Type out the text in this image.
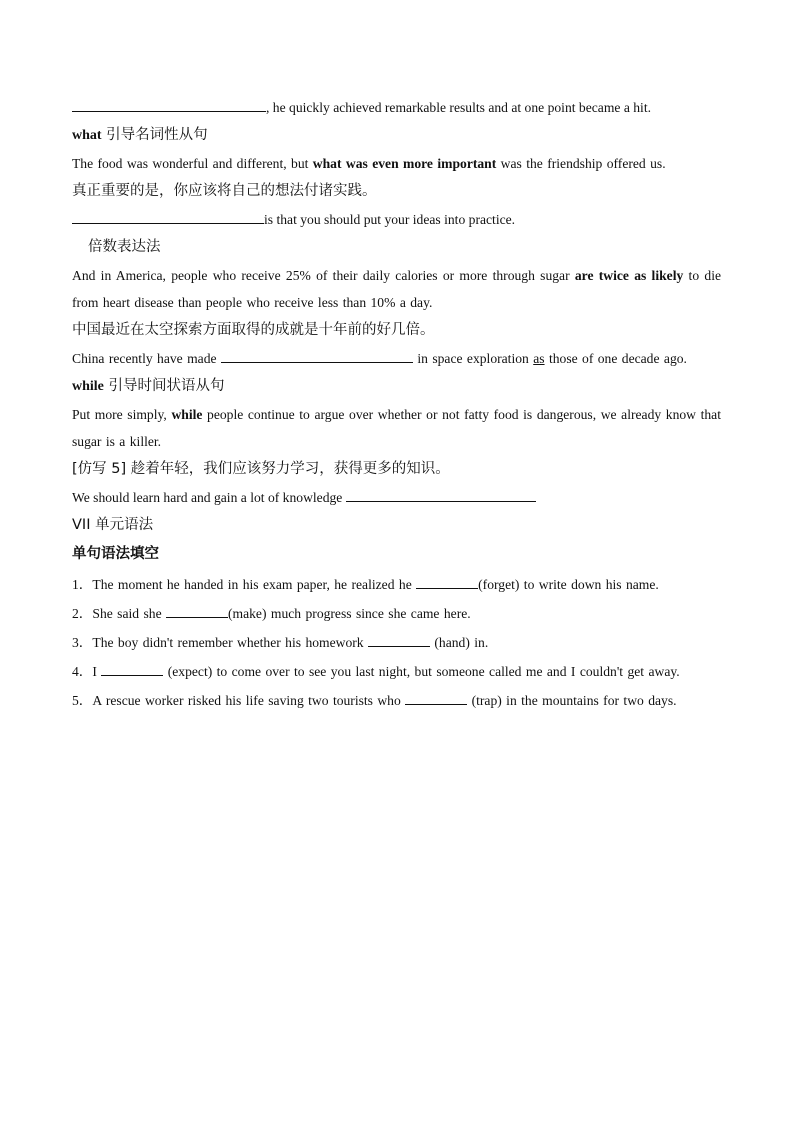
, he quickly achieved remarkable results and at one point became a hit.
what 引导名词性从句
The food was wonderful and different, but what was even more important was the friendship offered us.
真正重要的是，你应该将自己的想法付诸实践。
is that you should put your ideas into practice.
倍数表达法
And in America, people who receive 25% of their daily calories or more through sugar are twice as likely to die from heart disease than people who receive less than 10% a day.
中国最近在太空探索方面取得的成就是十年前的好几倍。
China recently have made	in space exploration as those of one decade ago.
while 引导时间状语从句
Put more simply, while people continue to argue over whether or not fatty food is dangerous, we already know that sugar is a killer.
[仿写 5] 趁着年轻，我们应该努力学习，获得更多的知识。
We should learn hard and gain a lot of knowledge
VII 单元语法
单句语法填空
1．The moment he handed in his exam paper, he realized he	(forget) to write down his name.
2．She said she	(make) much progress since she came here.
3．The boy didn't remember whether his homework	(hand) in.
4．I	(expect) to come over to see you last night, but someone called me and I couldn't get away.
5．A rescue worker risked his life saving two tourists who	(trap) in the mountains for two days.
